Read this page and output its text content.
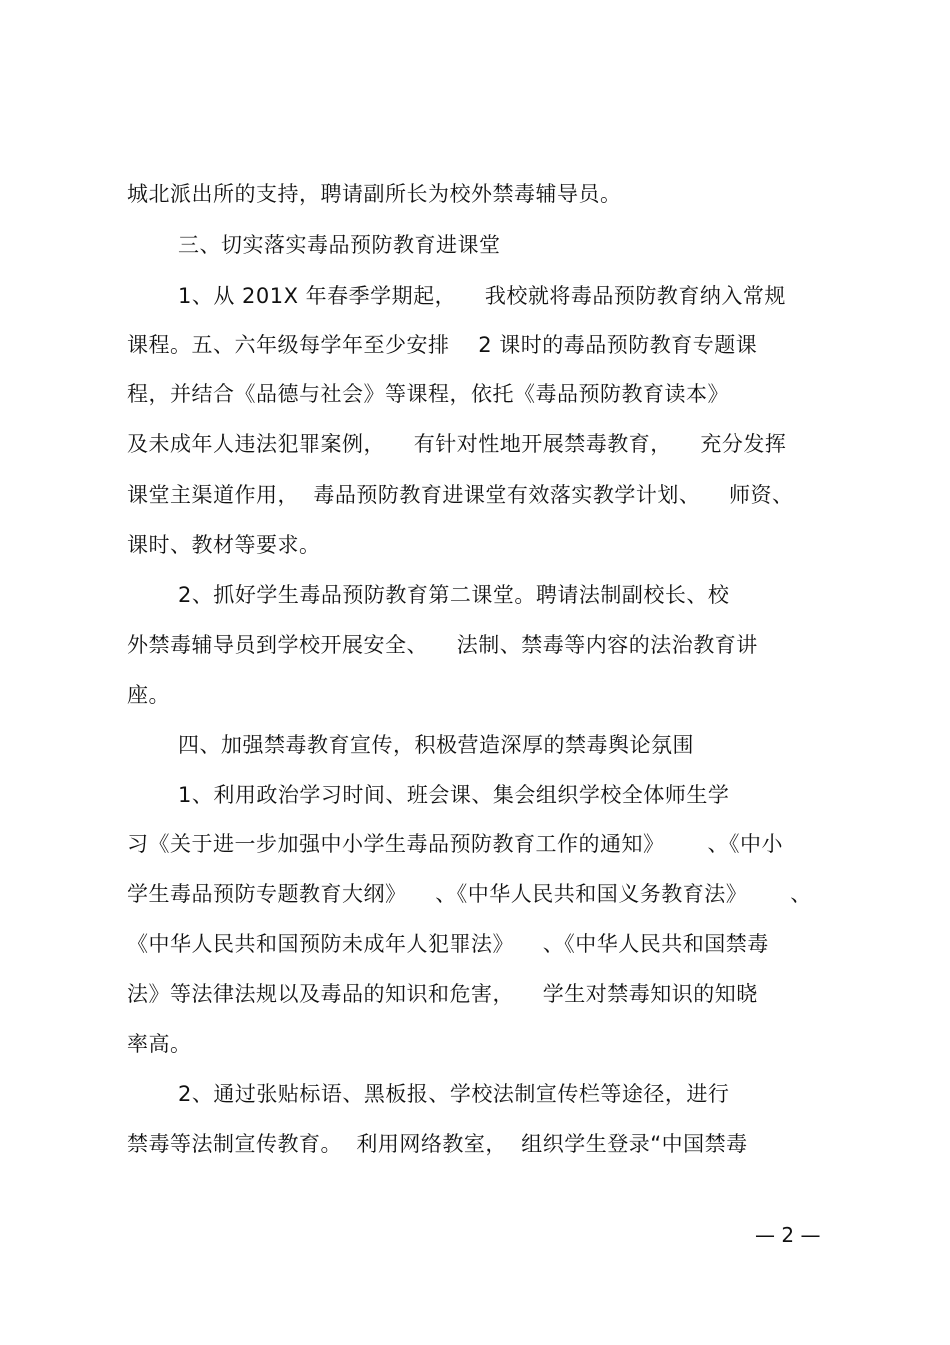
城北派出所的支持，聘请副所长为校外禁毒辅导员。
三、切实落实毒品预防教育进课堂
1、从 201X 年春季学期起，    我校就将毒品预防教育纳入常规
课程。五、六年级每学年至少安排    2 课时的毒品预防教育专题课
程，并结合《品德与社会》等课程，依托《毒品预防教育读本》
及未成年人违法犯罪案例，    有针对性地开展禁毒教育，    充分发挥
课堂主渠道作用，  毒品预防教育进课堂有效落实教学计划、    师资、
课时、教材等要求。
2、抓好学生毒品预防教育第二课堂。聘请法制副校长、校
外禁毒辅导员到学校开展安全、    法制、禁毒等内容的法治教育讲
座。
四、加强禁毒教育宣传，积极营造深厚的禁毒舆论氛围
1、利用政治学习时间、班会课、集会组织学校全体师生学
习《关于进一步加强中小学生毒品预防教育工作的通知》      、《中小
学生毒品预防专题教育大纲》    、《中华人民共和国义务教育法》      、
《中华人民共和国预防未成年人犯罪法》    、《中华人民共和国禁毒
法》等法律法规以及毒品的知识和危害，    学生对禁毒知识的知晓
率高。
2、通过张贴标语、黑板报、学校法制宣传栏等途径，进行
禁毒等法制宣传教育。  利用网络教室，  组织学生登录“中国禁毒
— 2 —
